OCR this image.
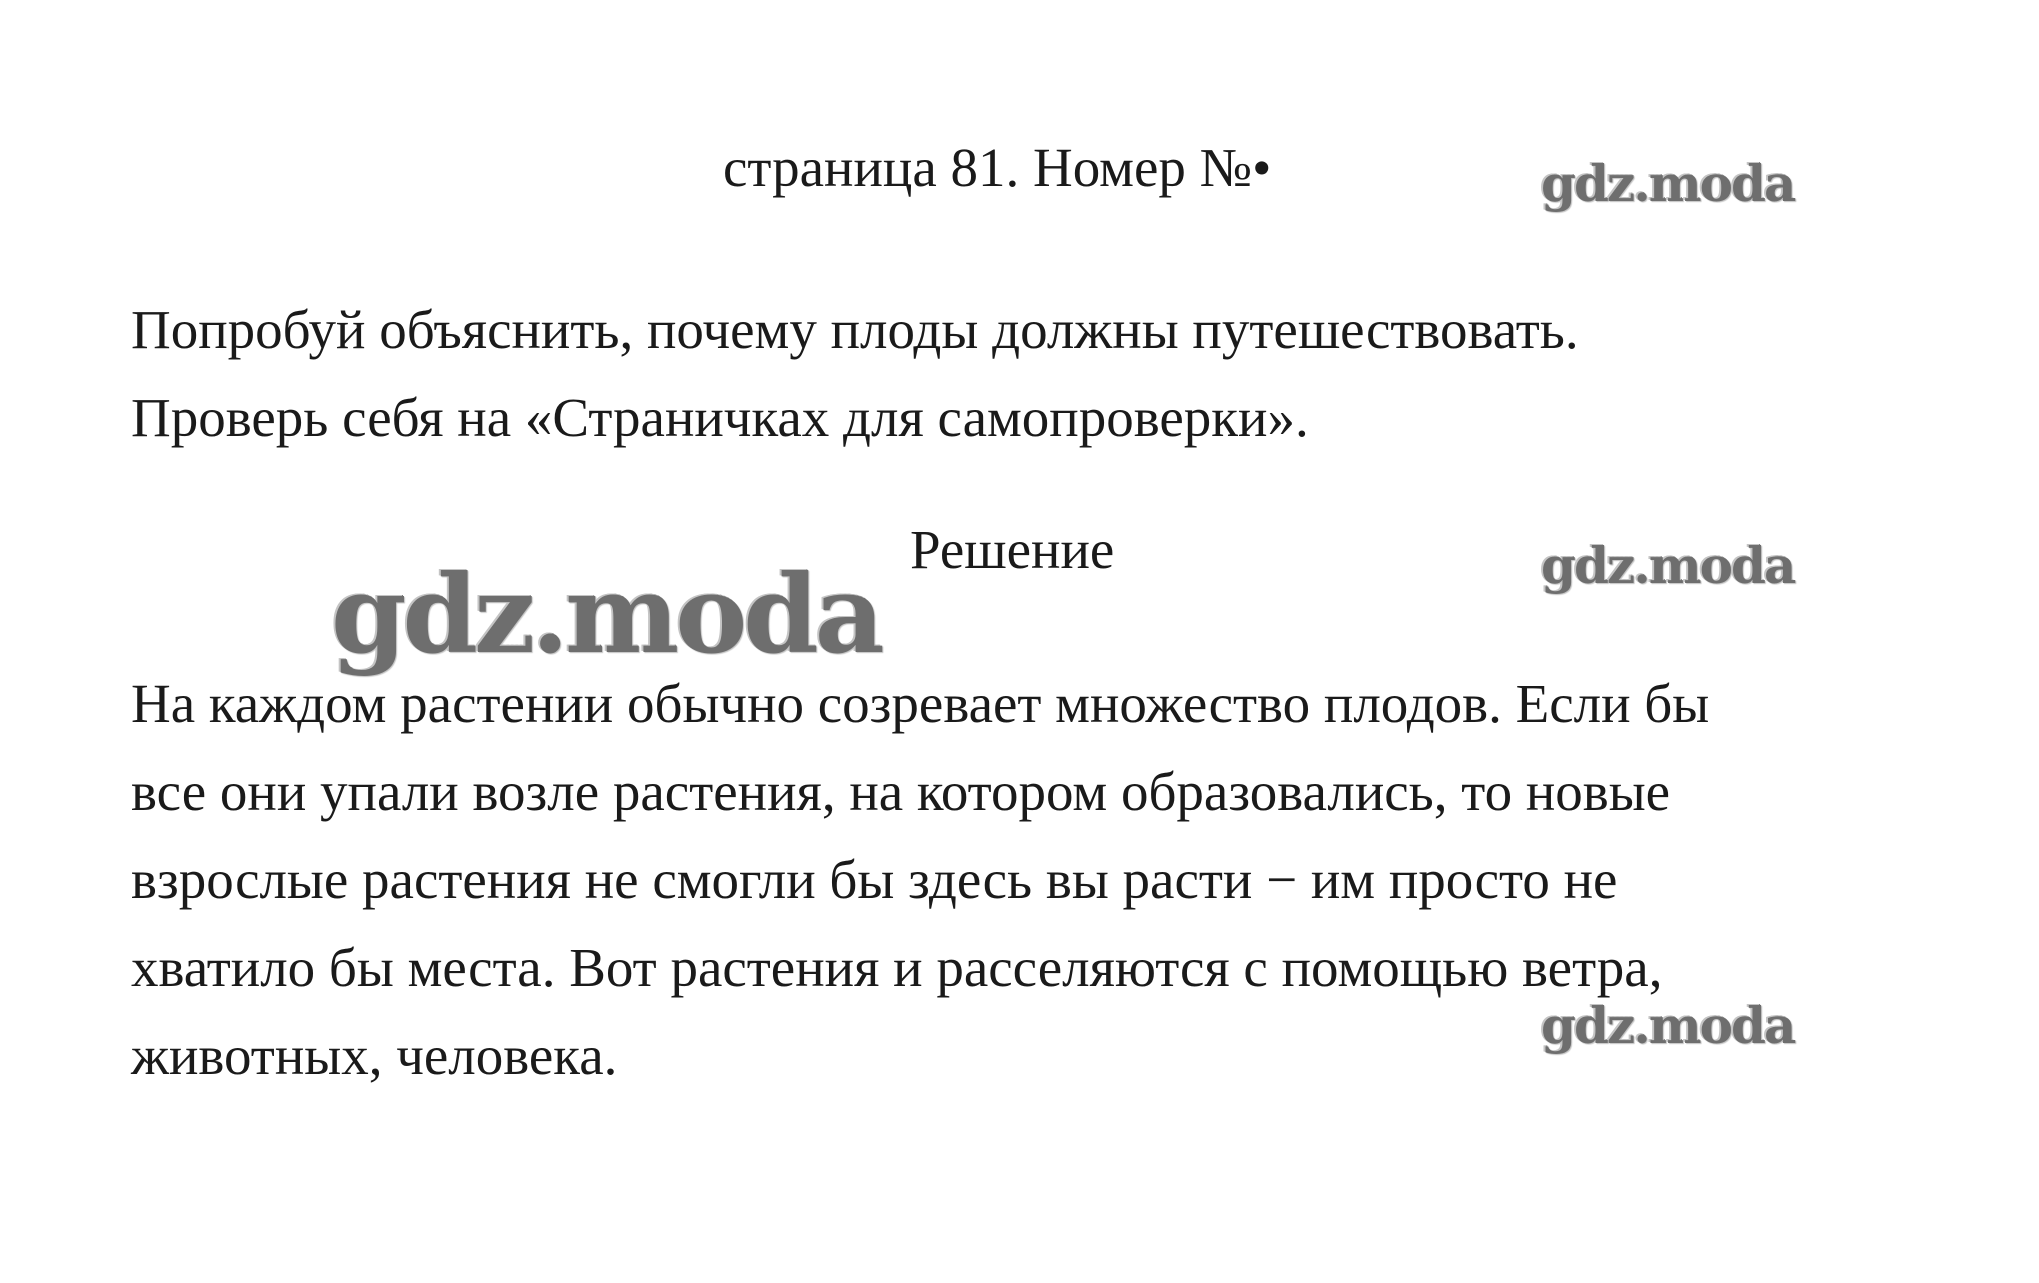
страница 81. Номер №•

Попробуй объяснить, почему плоды должны путешествовать.

Проверь себя на «Страничках для самопроверки».

Решение

На каждом растении обычно созревает множество плодов. Если бы

все они упали возле растения, на котором образовались, то новые

взрослые растения не смогли бы здесь вы расти − им просто не

хватило бы места. Вот растения и расселяются с помощью ветра,

животных, человека.

gdz.moda
gdz.moda
gdz.moda
gdz.moda
